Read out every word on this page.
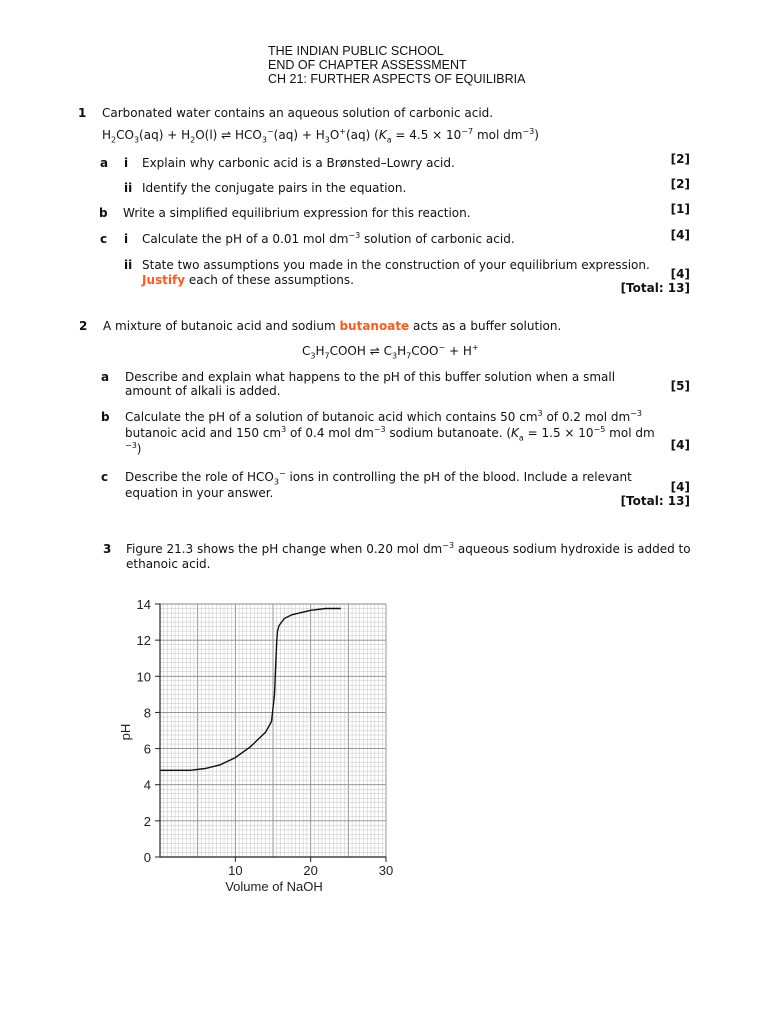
THE INDIAN PUBLIC SCHOOL
END OF CHAPTER ASSESSMENT
CH 21: FURTHER ASPECTS OF EQUILIBRIA
1 Carbonated water contains an aqueous solution of carbonic acid.
$H_2CO_3(aq) + H_2O(l)$ ⇌ $HCO_3^-(aq) + H_3O^+(aq) (K_a = 4.5 \times 10^{-7}$ mol $dm^{-3}$)
a i Explain why carbonic acid is a Brønsted–Lowry acid.	[2]
ii Identify the conjugate pairs in the equation.	[2]
b Write a simplified equilibrium expression for this reaction.	[1]
c i Calculate the pH of a 0.01 mol $dm^{-3}$ solution of carbonic acid.	[4]
ii State two assumptions you made in the construction of your equilibrium expression.
Justify each of these assumptions.	[4]
[Total: 13]
2 A mixture of butanoic acid and sodium butanoate acts as a buffer solution.
$C_3H_7COOH$ ⇌ $C_3H_7COO^- + H^+$
a Describe and explain what happens to the pH of this buffer solution when a small
amount of alkali is added.	[5]
b Calculate the pH of a solution of butanoic acid which contains 50 $cm^3$ of 0.2 mol $dm^{-3}$
butanoic acid and 150 $cm^3$ of 0.4 mol $dm^{-3}$ sodium butanoate. ($K_a = 1.5 \times 10^{-5}$ mol dm
$^{-3}$)	[4]
c Describe the role of $HCO_3^-$ ions in controlling the pH of the blood. Include a relevant
equation in your answer.	[4]
[Total: 13]
3 Figure 21.3 shows the pH change when 0.20 mol $dm^{-3}$ aqueous sodium hydroxide is added to
ethanoic acid.
0
2
4
6
8
10
12
14
10	20	30
Volume of NaOH
pH
